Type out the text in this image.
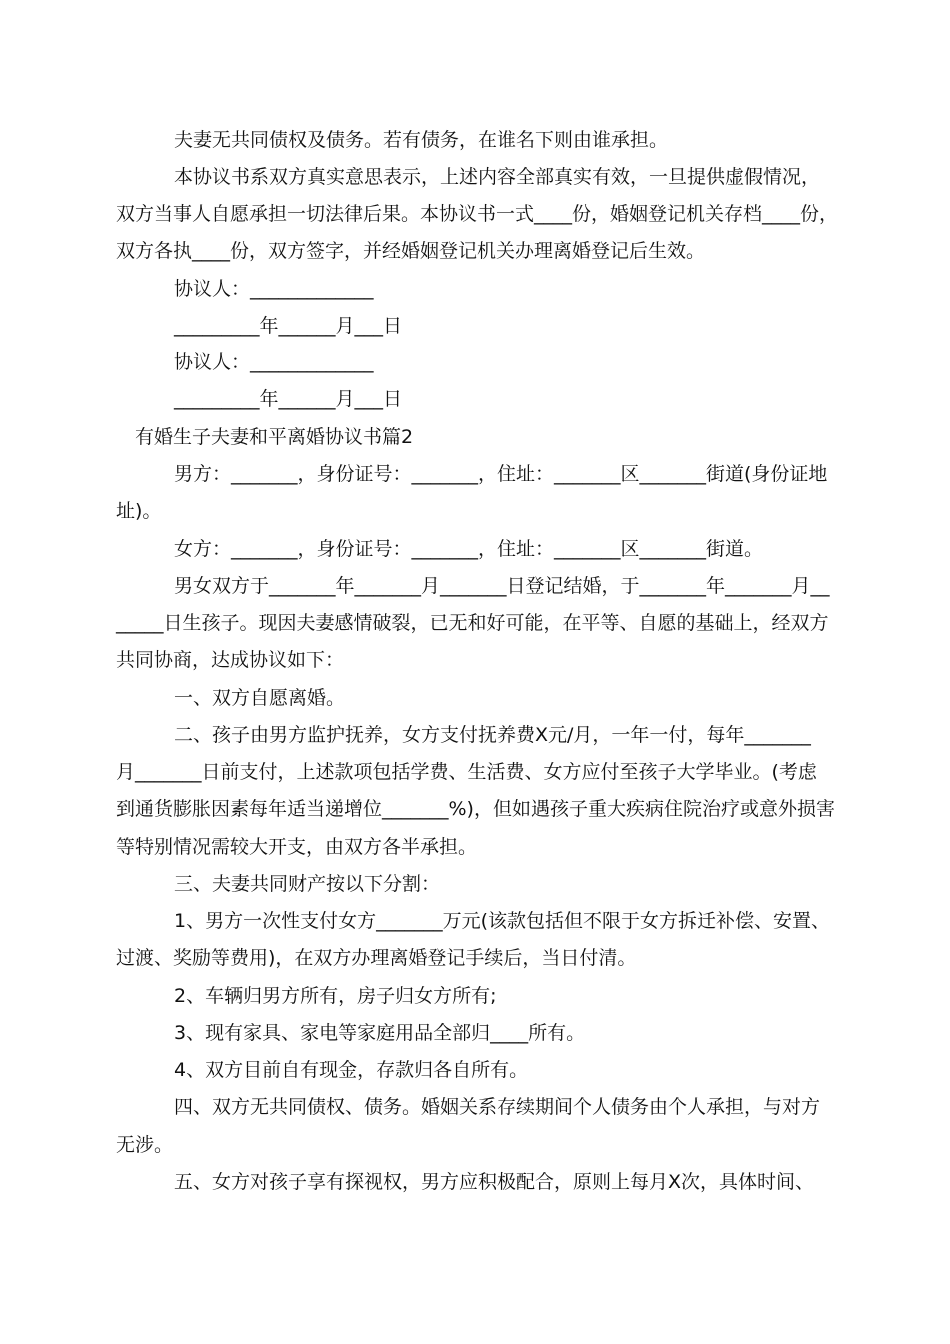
夫妻无共同债权及债务。若有债务，在谁名下则由谁承担。
本协议书系双方真实意思表示，上述内容全部真实有效，一旦提供虚假情况，
双方当事人自愿承担一切法律后果。本协议书一式____份，婚姻登记机关存档____份，
双方各执____份，双方签字，并经婚姻登记机关办理离婚登记后生效。
协议人：_____________
_________年______月___日
协议人：_____________
_________年______月___日
有婚生子夫妻和平离婚协议书篇2
男方：_______，身份证号：_______，住址：_______区_______街道(身份证地
址)。
女方：_______，身份证号：_______，住址：_______区_______街道。
男女双方于_______年_______月_______日登记结婚，于_______年_______月__
_____日生孩子。现因夫妻感情破裂，已无和好可能，在平等、自愿的基础上，经双方
共同协商，达成协议如下：
一、双方自愿离婚。
二、孩子由男方监护抚养，女方支付抚养费X元/月，一年一付，每年_______
月_______日前支付，上述款项包括学费、生活费、女方应付至孩子大学毕业。(考虑
到通货膨胀因素每年适当递增位_______%)，但如遇孩子重大疾病住院治疗或意外损害
等特别情况需较大开支，由双方各半承担。
三、夫妻共同财产按以下分割：
1、男方一次性支付女方_______万元(该款包括但不限于女方拆迁补偿、安置、
过渡、奖励等费用)，在双方办理离婚登记手续后，当日付清。
2、车辆归男方所有，房子归女方所有;
3、现有家具、家电等家庭用品全部归____所有。
4、双方目前自有现金，存款归各自所有。
四、双方无共同债权、债务。婚姻关系存续期间个人债务由个人承担，与对方
无涉。
五、女方对孩子享有探视权，男方应积极配合，原则上每月X次，具体时间、
